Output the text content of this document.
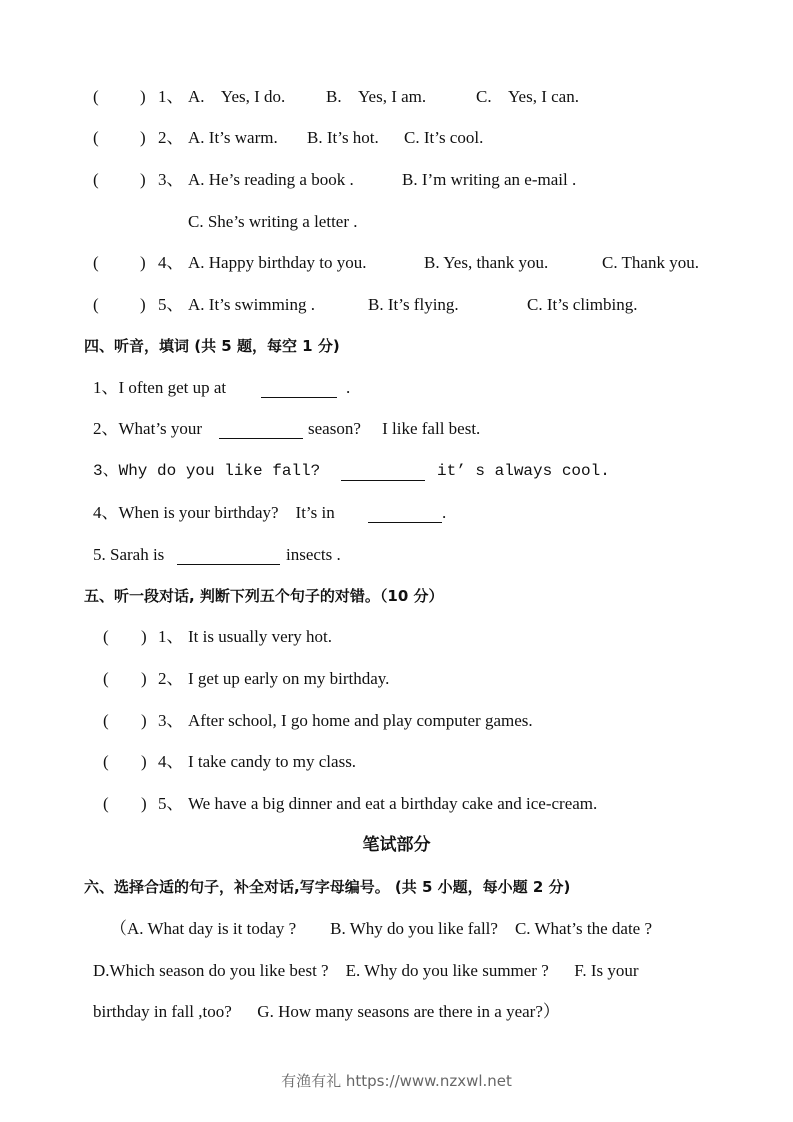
( ) 1、 A.    Yes, I do. B.    Yes, I am.	C.    Yes, I can.
( ) 2、 A. It’s warm. B. It’s hot. C. It’s cool.
( ) 3、 A. He’s reading a book .	B. I’m writing an e-mail .
C. She’s writing a letter .
( ) 4、 A. Happy birthday to you.	B. Yes, thank you.	C. Thank you.
( ) 5、 A. It’s swimming .	B. It’s flying.	C. It’s climbing.
四、听音，填词 (共 5 题，每空 1 分)
1、I often get up at	.
2、What’s your	season?     I like fall best.
3、Why do you like fall?	it’ s always cool.
4、When is your birthday?    It’s in	.
5. Sarah is	insects .
五、听一段对话, 判断下列五个句子的对错。（10 分）
( ) 1、 It is usually very hot.
( ) 2、 I get up early on my birthday.
( ) 3、 After school, I go home and play computer games.
( ) 4、 I take candy to my class.
( ) 5、 We have a big dinner and eat a birthday cake and ice-cream.
笔试部分
六、选择合适的句子，补全对话,写字母编号。 (共 5 小题，每小题 2 分)
（A. What day is it today ?        B. Why do you like fall?    C. What’s the date ?
D.Which season do you like best ?    E. Why do you like summer ?      F. Is your
birthday in fall ,too?      G. How many seasons are there in a year?）
有渔有礼 https://www.nzxwl.net
